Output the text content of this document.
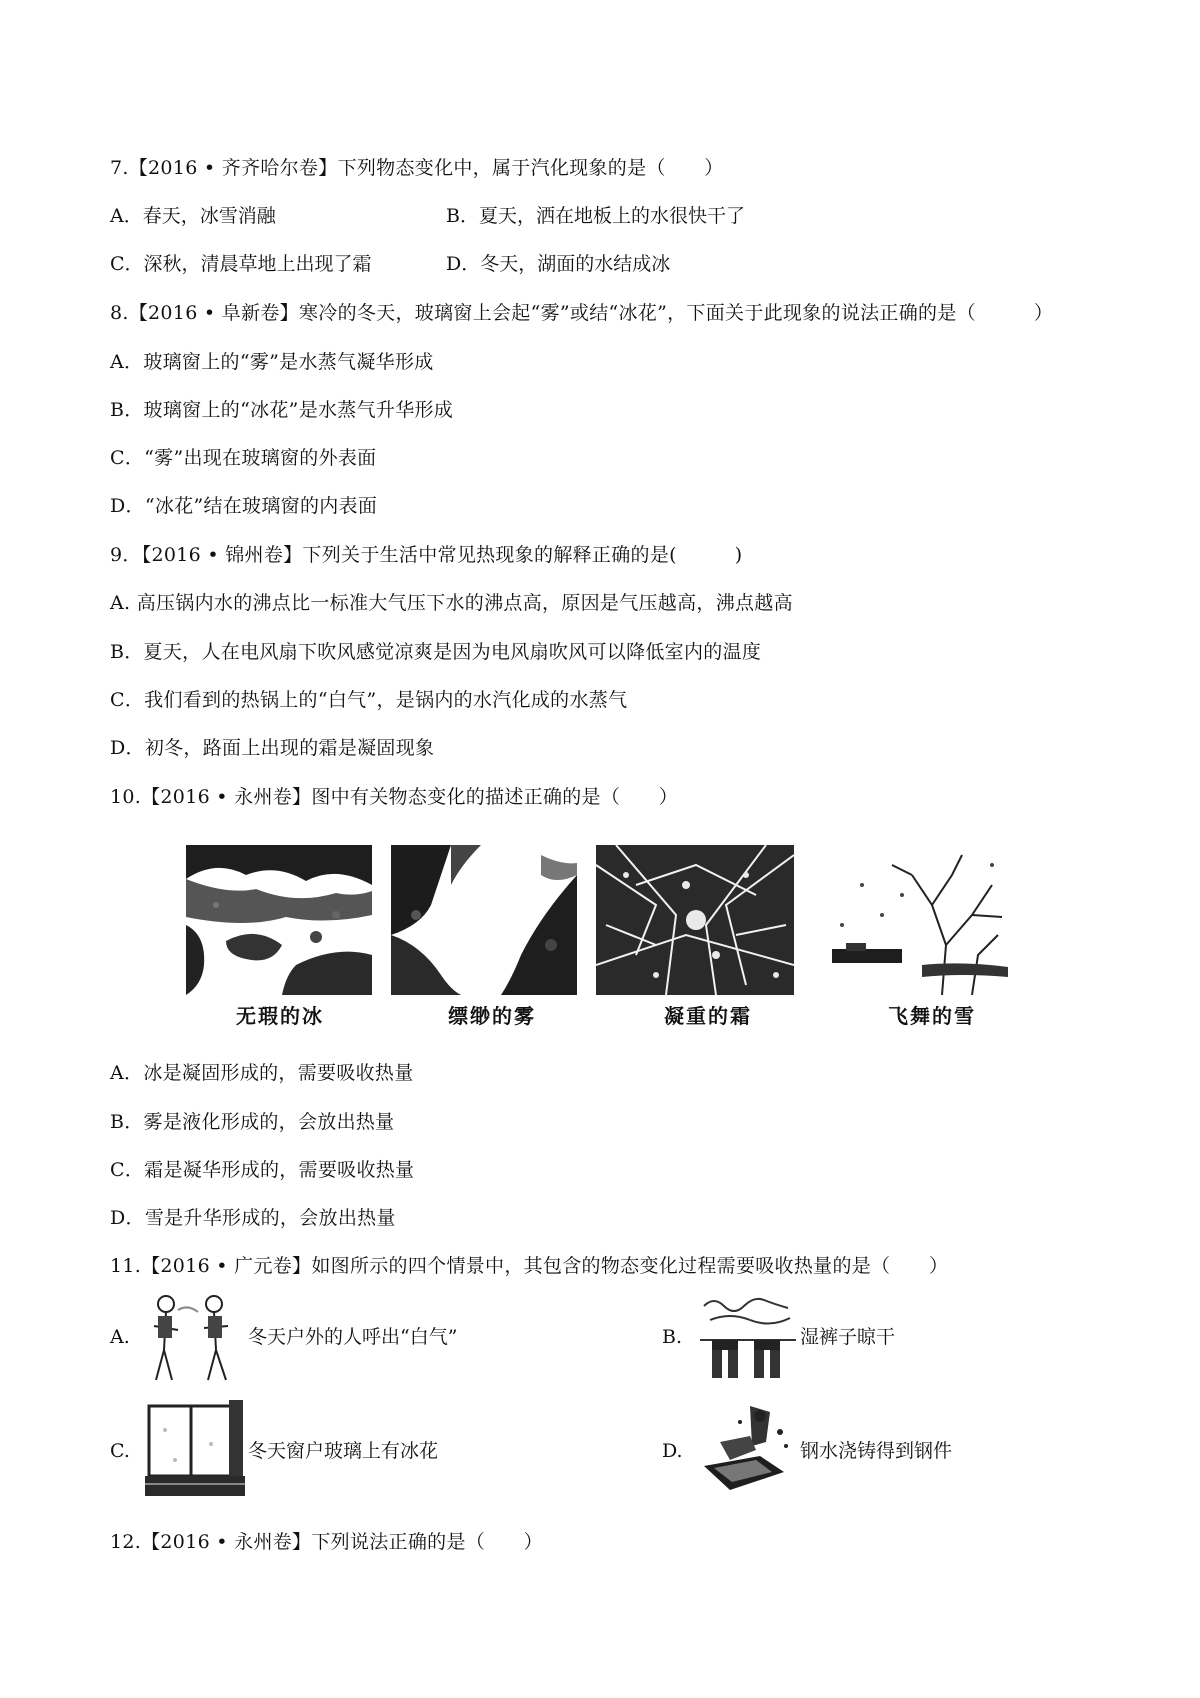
7.【2016 • 齐齐哈尔卷】下列物态变化中，属于汽化现象的是（　　）
A．春天，冰雪消融	B．夏天，洒在地板上的水很快干了
C．深秋，清晨草地上出现了霜	D．冬天，湖面的水结成冰
8.【2016 • 阜新卷】寒冷的冬天，玻璃窗上会起“雾”或结“冰花”，下面关于此现象的说法正确的是（　　　）
A．玻璃窗上的“雾”是水蒸气凝华形成
B．玻璃窗上的“冰花”是水蒸气升华形成
C．“雾”出现在玻璃窗的外表面
D．“冰花”结在玻璃窗的内表面
9．【2016 • 锦州卷】下列关于生活中常见热现象的解释正确的是(　　　)
A. 高压锅内水的沸点比一标准大气压下水的沸点高，原因是气压越高，沸点越高
B．夏天，人在电风扇下吹风感觉凉爽是因为电风扇吹风可以降低室内的温度
C．我们看到的热锅上的“白气”，是锅内的水汽化成的水蒸气
D．初冬，路面上出现的霜是凝固现象
10.【2016 • 永州卷】图中有关物态变化的描述正确的是（　　）
无瑕的冰	缥缈的雾	凝重的霜	飞舞的雪
A．冰是凝固形成的，需要吸收热量
B．雾是液化形成的，会放出热量
C．霜是凝华形成的，需要吸收热量
D．雪是升华形成的，会放出热量
11.【2016 • 广元卷】如图所示的四个情景中，其包含的物态变化过程需要吸收热量的是（　　）
A.	冬天户外的人呼出“白气”	B.	湿裤子晾干
C.	冬天窗户玻璃上有冰花	D.	钢水浇铸得到钢件
12.【2016 • 永州卷】下列说法正确的是（　　）
